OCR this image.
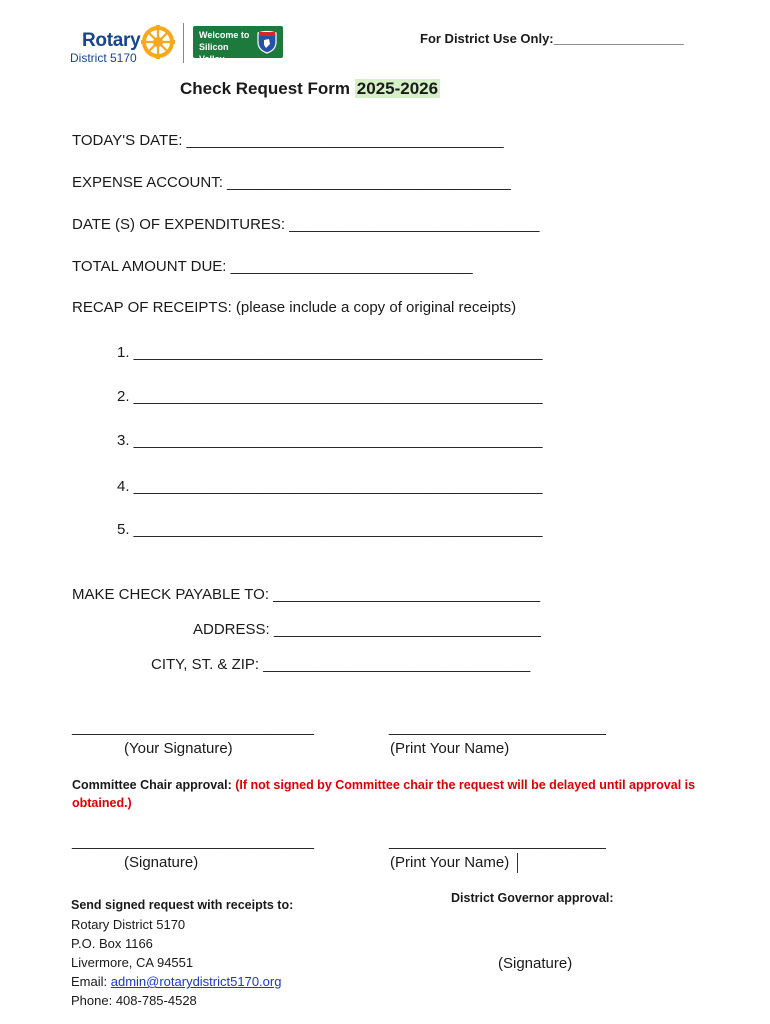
Rotary
District 5170
Welcome to Silicon Valley
For District Use Only:__________________
Check Request Form 2025-2026
TODAY'S DATE: ______________________________________
EXPENSE ACCOUNT: __________________________________
DATE (S) OF EXPENDITURES: ______________________________
TOTAL AMOUNT DUE: _____________________________
RECAP OF RECEIPTS: (please include a copy of original receipts)
1. _________________________________________________
2. _________________________________________________
3. _________________________________________________
4. _________________________________________________
5. _________________________________________________
MAKE CHECK PAYABLE TO: ________________________________
ADDRESS: ________________________________
CITY, ST. & ZIP: ________________________________
_____________________________	__________________________
(Your Signature)	(Print Your Name)
Committee Chair approval: (If not signed by Committee chair the request will be delayed until approval is obtained.)
_____________________________	__________________________
(Signature)	(Print Your Name)
Send signed request with receipts to:
Rotary District 5170
P.O. Box 1166
Livermore, CA 94551
Email: admin@rotarydistrict5170.org
Phone: 408-785-4528
District Governor approval:
(Signature)
